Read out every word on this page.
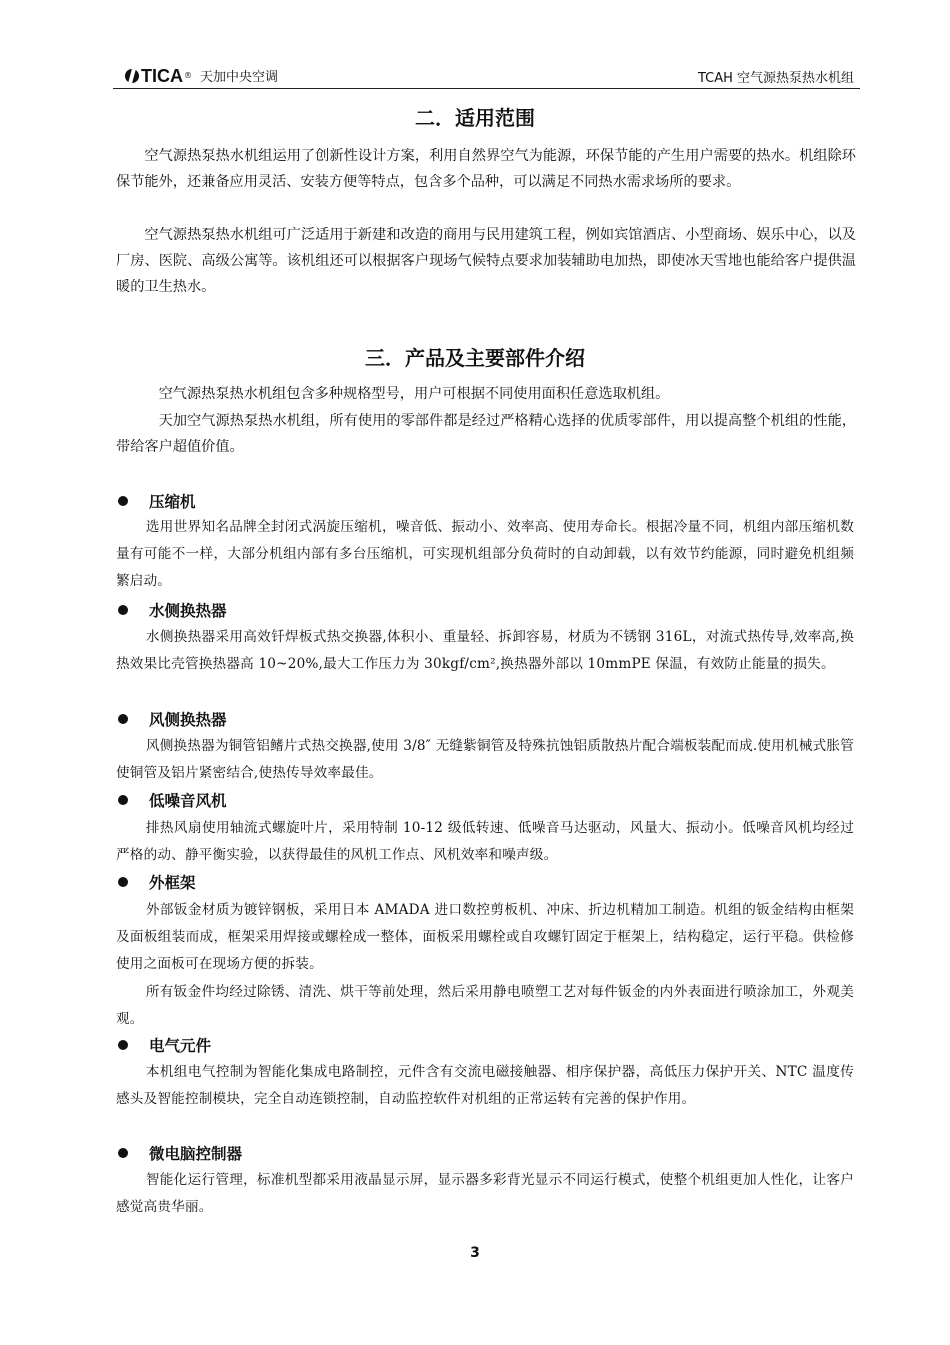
TICA ® 天加中央空调	TCAH 空气源热泵热水机组
二．适用范围

空气源热泵热水机组运用了创新性设计方案，利用自然界空气为能源，环保节能的产生用户需要的热水。机组除环保节能外，还兼备应用灵活、安装方便等特点，包含多个品种，可以满足不同热水需求场所的要求。

空气源热泵热水机组可广泛适用于新建和改造的商用与民用建筑工程，例如宾馆酒店、小型商场、娱乐中心，以及厂房、医院、高级公寓等。该机组还可以根据客户现场气候特点要求加装辅助电加热，即使冰天雪地也能给客户提供温暖的卫生热水。

三．产品及主要部件介绍

空气源热泵热水机组包含多种规格型号，用户可根据不同使用面积任意选取机组。

天加空气源热泵热水机组，所有使用的零部件都是经过严格精心选择的优质零部件，用以提高整个机组的性能，带给客户超值价值。

压缩机

选用世界知名品牌全封闭式涡旋压缩机，噪音低、振动小、效率高、使用寿命长。根据冷量不同，机组内部压缩机数量有可能不一样，大部分机组内部有多台压缩机，可实现机组部分负荷时的自动卸载，以有效节约能源，同时避免机组频繁启动。

水侧换热器

水侧换热器采用高效钎焊板式热交换器,体积小、重量轻、拆卸容易，材质为不锈钢 316L，对流式热传导,效率高,换热效果比壳管换热器高 10~20%,最大工作压力为 30kgf/cm²,换热器外部以 10mmPE 保温，有效防止能量的损失。

风侧换热器

风侧换热器为铜管铝鳍片式热交换器,使用 3/8″ 无缝紫铜管及特殊抗蚀铝质散热片配合端板装配而成.使用机械式胀管使铜管及铝片紧密结合,使热传导效率最佳。

低噪音风机

排热风扇使用轴流式螺旋叶片，采用特制 10-12 级低转速、低噪音马达驱动，风量大、振动小。低噪音风机均经过严格的动、静平衡实验，以获得最佳的风机工作点、风机效率和噪声级。

外框架

外部钣金材质为镀锌钢板，采用日本 AMADA 进口数控剪板机、冲床、折边机精加工制造。机组的钣金结构由框架及面板组装而成，框架采用焊接或螺栓成一整体，面板采用螺栓或自攻螺钉固定于框架上，结构稳定，运行平稳。供检修使用之面板可在现场方便的拆装。

所有钣金件均经过除锈、清洗、烘干等前处理，然后采用静电喷塑工艺对每件钣金的内外表面进行喷涂加工，外观美观。

电气元件

本机组电气控制为智能化集成电路制控，元件含有交流电磁接触器、相序保护器，高低压力保护开关、NTC 温度传感头及智能控制模块，完全自动连锁控制，自动监控软件对机组的正常运转有完善的保护作用。

微电脑控制器

智能化运行管理，标准机型都采用液晶显示屏，显示器多彩背光显示不同运行模式，使整个机组更加人性化，让客户感觉高贵华丽。

3
